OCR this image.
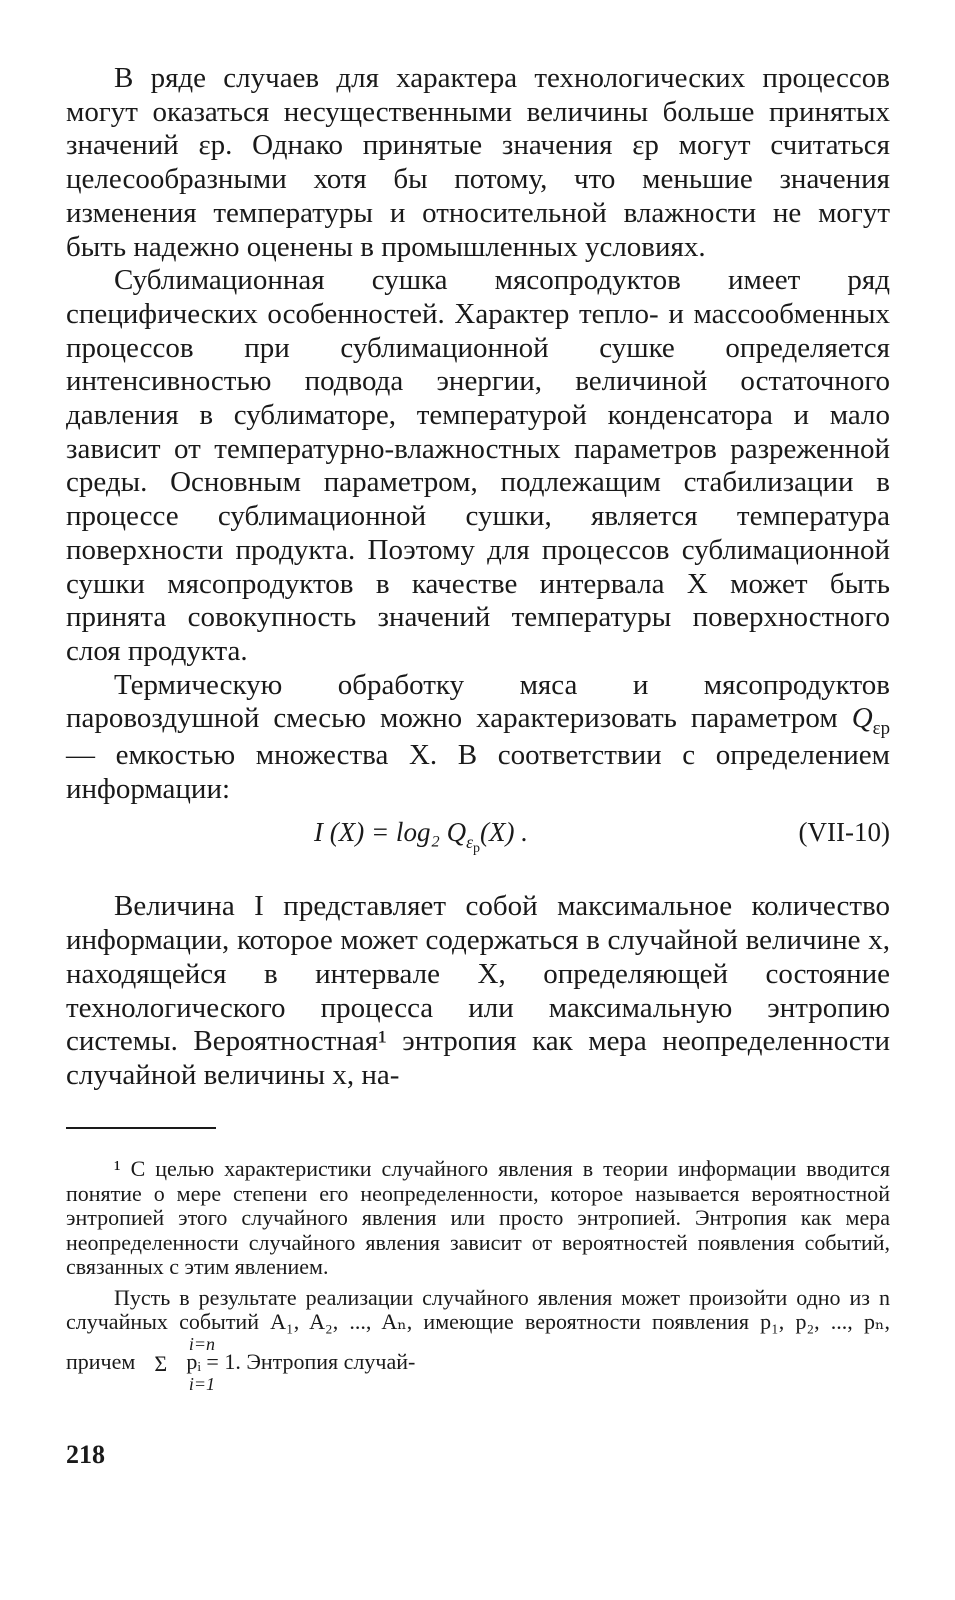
В ряде случаев для характера технологических процессов могут оказаться несущественными величины больше принятых значений εр. Однако принятые значения εр могут считаться целесообразными хотя бы потому, что меньшие значения изменения температуры и относительной влажности не могут быть надежно оценены в промышленных условиях.

Сублимационная сушка мясопродуктов имеет ряд специфических особенностей. Характер тепло- и массообменных процессов при сублимационной сушке определяется интенсивностью подвода энергии, величиной остаточного давления в сублиматоре, температурой конденсатора и мало зависит от температурно-влажностных параметров разреженной среды. Основным параметром, подлежащим стабилизации в процессе сублимационной сушки, является температура поверхности продукта. Поэтому для процессов сублимационной сушки мясопродуктов в качестве интервала X может быть принята совокупность значений температуры поверхностного слоя продукта.

Термическую обработку мяса и мясопродуктов паровоздушной смесью можно характеризовать параметром $Q_{\varepsilon р}$ — емкостью множества X. В соответствии с определением информации:

I (X) = log₂ $Q_{\varepsilon_р}(X)$ .	(VII-10)

Величина I представляет собой максимальное количество информации, которое может содержаться в случайной величине x, находящейся в интервале X, определяющей состояние технологического процесса или максимальную энтропию системы. Вероятностная¹ энтропия как мера неопределенности случайной величины x, на-

¹ С целью характеристики случайного явления в теории информации вводится понятие о мере степени его неопределенности, которое называется вероятностной энтропией этого случайного явления или просто энтропией. Энтропия как мера неопределенности случайного явления зависит от вероятностей появления событий, связанных с этим явлением.

Пусть в результате реализации случайного явления может произойти одно из n случайных событий A₁, A₂, ..., Aₙ, имеющие вероятности появления p₁, p₂, ..., pₙ, причем
i=n
Σ
i=1
pᵢ = 1. Энтропия случай-

218
